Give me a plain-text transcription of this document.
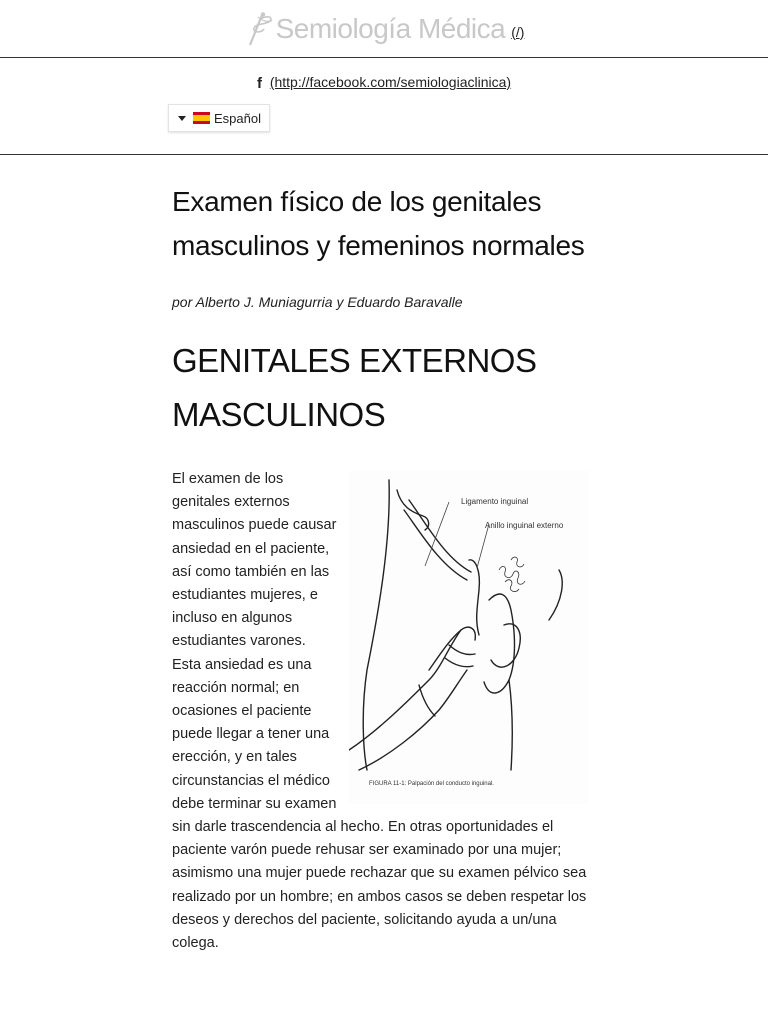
Semiología Médica (/)
f (http://facebook.com/semiologiaclinica)
Español
Examen físico de los genitales masculinos y femeninos normales

por Alberto J. Muniagurria y Eduardo Baravalle

GENITALES EXTERNOS MASCULINOS
Ligamento inguinal
Anillo inguinal externo
FIGURA 11-1: Palpación del conducto inguinal.
El examen de los genitales externos masculinos puede causar ansiedad en el paciente, así como también en las estudiantes mujeres, e incluso en algunos estudiantes varones. Esta ansiedad es una reacción normal; en ocasiones el paciente puede llegar a tener una erección, y en tales circunstancias el médico debe terminar su examen sin darle trascendencia al hecho. En otras oportunidades el paciente varón puede rehusar ser examinado por una mujer; asimismo una mujer puede rechazar que su examen pélvico sea realizado por un hombre; en ambos casos se deben respetar los deseos y derechos del paciente, solicitando ayuda a un/una colega.
